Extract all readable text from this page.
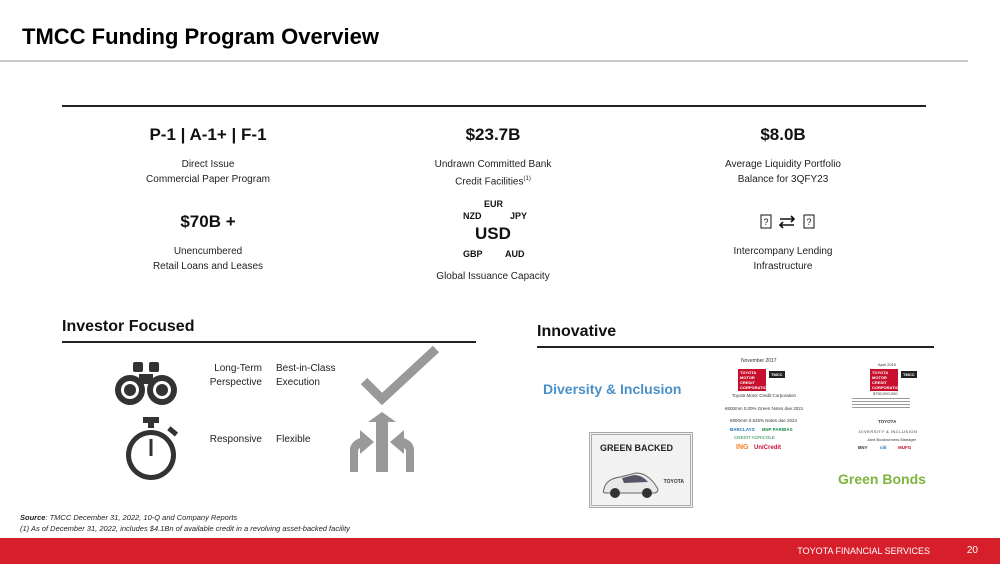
TMCC Funding Program Overview
P-1 | A-1+ | F-1
Direct Issue
Commercial Paper Program
$23.7B
Undrawn Committed Bank
Credit Facilities$^{(1)}$
$8.0B
Average Liquidity Portfolio
Balance for 3QFY23
$70B +
Unencumbered
Retail Loans and Leases
EUR
NZD	JPY
USD
GBP AUD
Global Issuance Capacity
?	?
Intercompany Lending
Infrastructure
Investor Focused
Long-Term
Perspective
Best-in-Class
Execution
Responsive Flexible
Innovative
Diversity & Inclusion
Green Bonds
GREEN BACKED
TOYOTA
November 2017
TOYOTA MOTOR CREDIT CORPORATION
TMCC
Toyota Motor Credit Corporation
€600mm 0.00% Green Notes due 2021
€600mm 0.625% Notes due 2024
BARCLAYS BNP PARIBAS
CREDIT AGRICOLE
ING UniCredit
April 2019
TOYOTA MOTOR CREDIT CORPORATION
TMCC
$750,000,000
TOYOTA
DIVERSITY & INCLUSION
Joint Bookrunners Manager
BNY	citi	MUFG
Source: TMCC December 31, 2022, 10-Q and Company Reports
(1) As of December 31, 2022, includes $4.1Bn of available credit in a revolving asset-backed facility
TOYOTA FINANCIAL SERVICES	20
